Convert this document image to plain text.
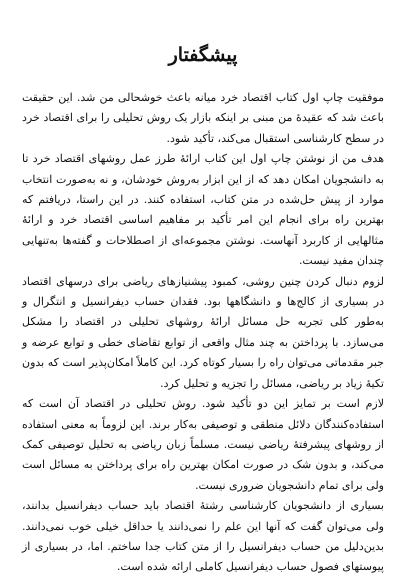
پیشگفتار

موفقیت چاپ اول کتاب اقتصاد خرد میانه باعث خوشحالی من شد. این حقیقت باعث شد که عقیدهٔ من مبنی بر اینکه بازار یک روش تحلیلی را برای اقتصاد خرد در سطح کارشناسی استقبال می‌کند، تأکید شود.

هدف من از نوشتن چاپ اول این کتاب ارائهٔ طرز عمل روشهای اقتصاد خرد تا به دانشجویان امکان دهد که از این ابزار به‌روش خودشان، و نه به‌صورت انتخاب موارد از پیش حل‌شده در متن کتاب، استفاده کنند. در این راستا، دریافتم که بهترین راه برای انجام این امر تأکید بر مفاهیم اساسی اقتصاد خرد و ارائهٔ مثالهایی از کاربرد آنهاست. نوشتن مجموعه‌ای از اصطلاحات و گفته‌ها به‌تنهایی چندان مفید نیست.

لزوم دنبال کردن چنین روشی، کمبود پیشنیازهای ریاضی برای درسهای اقتصاد در بسیاری از کالج‌ها و دانشگاهها بود. فقدان حساب دیفرانسیل و انتگرال و به‌طور کلی تجربه حل مسائل ارائهٔ روشهای تحلیلی در اقتصاد را مشکل می‌سازد. با پرداختن به چند مثال واقعی از توابع تقاضای خطی و توابع عرضه و جبر مقدماتی می‌توان راه را بسیار کوتاه کرد. این کاملاً امکان‌پذیر است که بدون تکیهٔ زیاد بر ریاضی، مسائل را تجزیه و تحلیل کرد.

لازم است بر تمایز این دو تأکید شود. روش تحلیلی در اقتصاد آن است که استفاده‌کنندگان دلائل منطقی و توصیفی به‌کار برند. این لزوماً به معنی استفاده از روشهای پیشرفتهٔ ریاضی نیست. مسلماً زبان ریاضی به تحلیل توصیفی کمک می‌کند، و بدون شک در صورت امکان بهترین راه برای پرداختن به مسائل است ولی برای تمام دانشجویان ضروری نیست.

بسیاری از دانشجویان کارشناسی رشتهٔ اقتصاد باید حساب دیفرانسیل بدانند، ولی می‌توان گفت که آنها این علم را نمی‌دانند یا حداقل خیلی خوب نمی‌دانند. بدین‌دلیل من حساب دیفرانسیل را از متن کتاب جدا ساختم. اما، در بسیاری از پیوستهای فصول حساب دیفرانسیل کاملی ارائه شده است.
